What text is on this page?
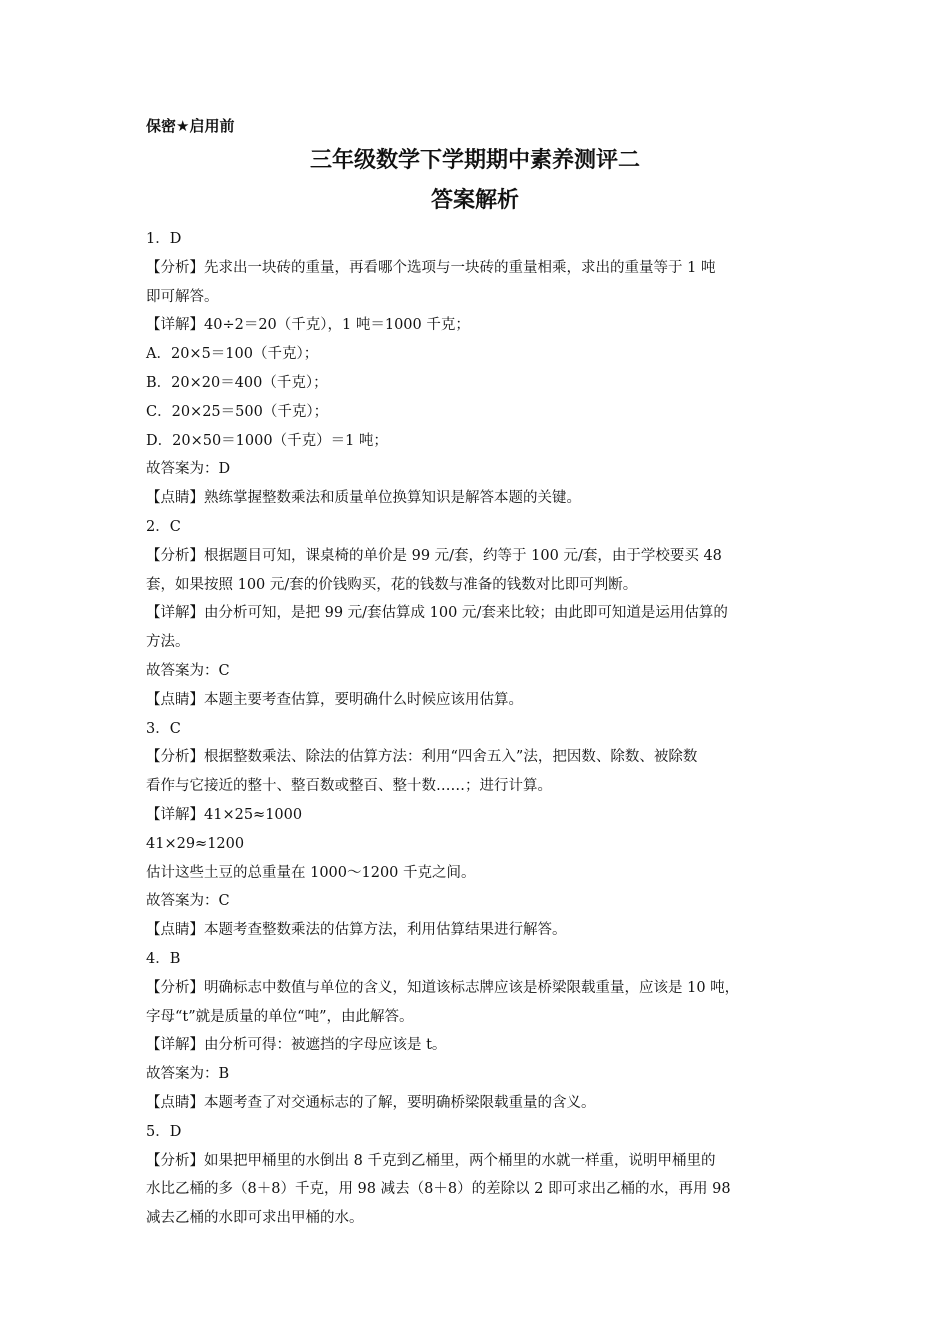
保密★启用前
三年级数学下学期期中素养测评二
答案解析
1．D
【分析】先求出一块砖的重量，再看哪个选项与一块砖的重量相乘，求出的重量等于 1 吨
即可解答。
【详解】40÷2＝20（千克），1 吨＝1000 千克；
A．20×5＝100（千克）；
B．20×20＝400（千克）；
C．20×25＝500（千克）；
D．20×50＝1000（千克）＝1 吨；
故答案为：D
【点睛】熟练掌握整数乘法和质量单位换算知识是解答本题的关键。
2．C
【分析】根据题目可知，课桌椅的单价是 99 元/套，约等于 100 元/套，由于学校要买 48
套，如果按照 100 元/套的价钱购买，花的钱数与准备的钱数对比即可判断。
【详解】由分析可知，是把 99 元/套估算成 100 元/套来比较；由此即可知道是运用估算的
方法。
故答案为：C
【点睛】本题主要考查估算，要明确什么时候应该用估算。
3．C
【分析】根据整数乘法、除法的估算方法：利用“四舍五入”法，把因数、除数、被除数
看作与它接近的整十、整百数或整百、整十数……；进行计算。
【详解】41×25≈1000
41×29≈1200
估计这些土豆的总重量在 1000～1200 千克之间。
故答案为：C
【点睛】本题考查整数乘法的估算方法，利用估算结果进行解答。
4．B
【分析】明确标志中数值与单位的含义，知道该标志牌应该是桥梁限载重量，应该是 10 吨，
字母“t”就是质量的单位“吨”，由此解答。
【详解】由分析可得：被遮挡的字母应该是 t。
故答案为：B
【点睛】本题考查了对交通标志的了解，要明确桥梁限载重量的含义。
5．D
【分析】如果把甲桶里的水倒出 8 千克到乙桶里，两个桶里的水就一样重，说明甲桶里的
水比乙桶的多（8＋8）千克，用 98 减去（8＋8）的差除以 2 即可求出乙桶的水，再用 98
减去乙桶的水即可求出甲桶的水。
